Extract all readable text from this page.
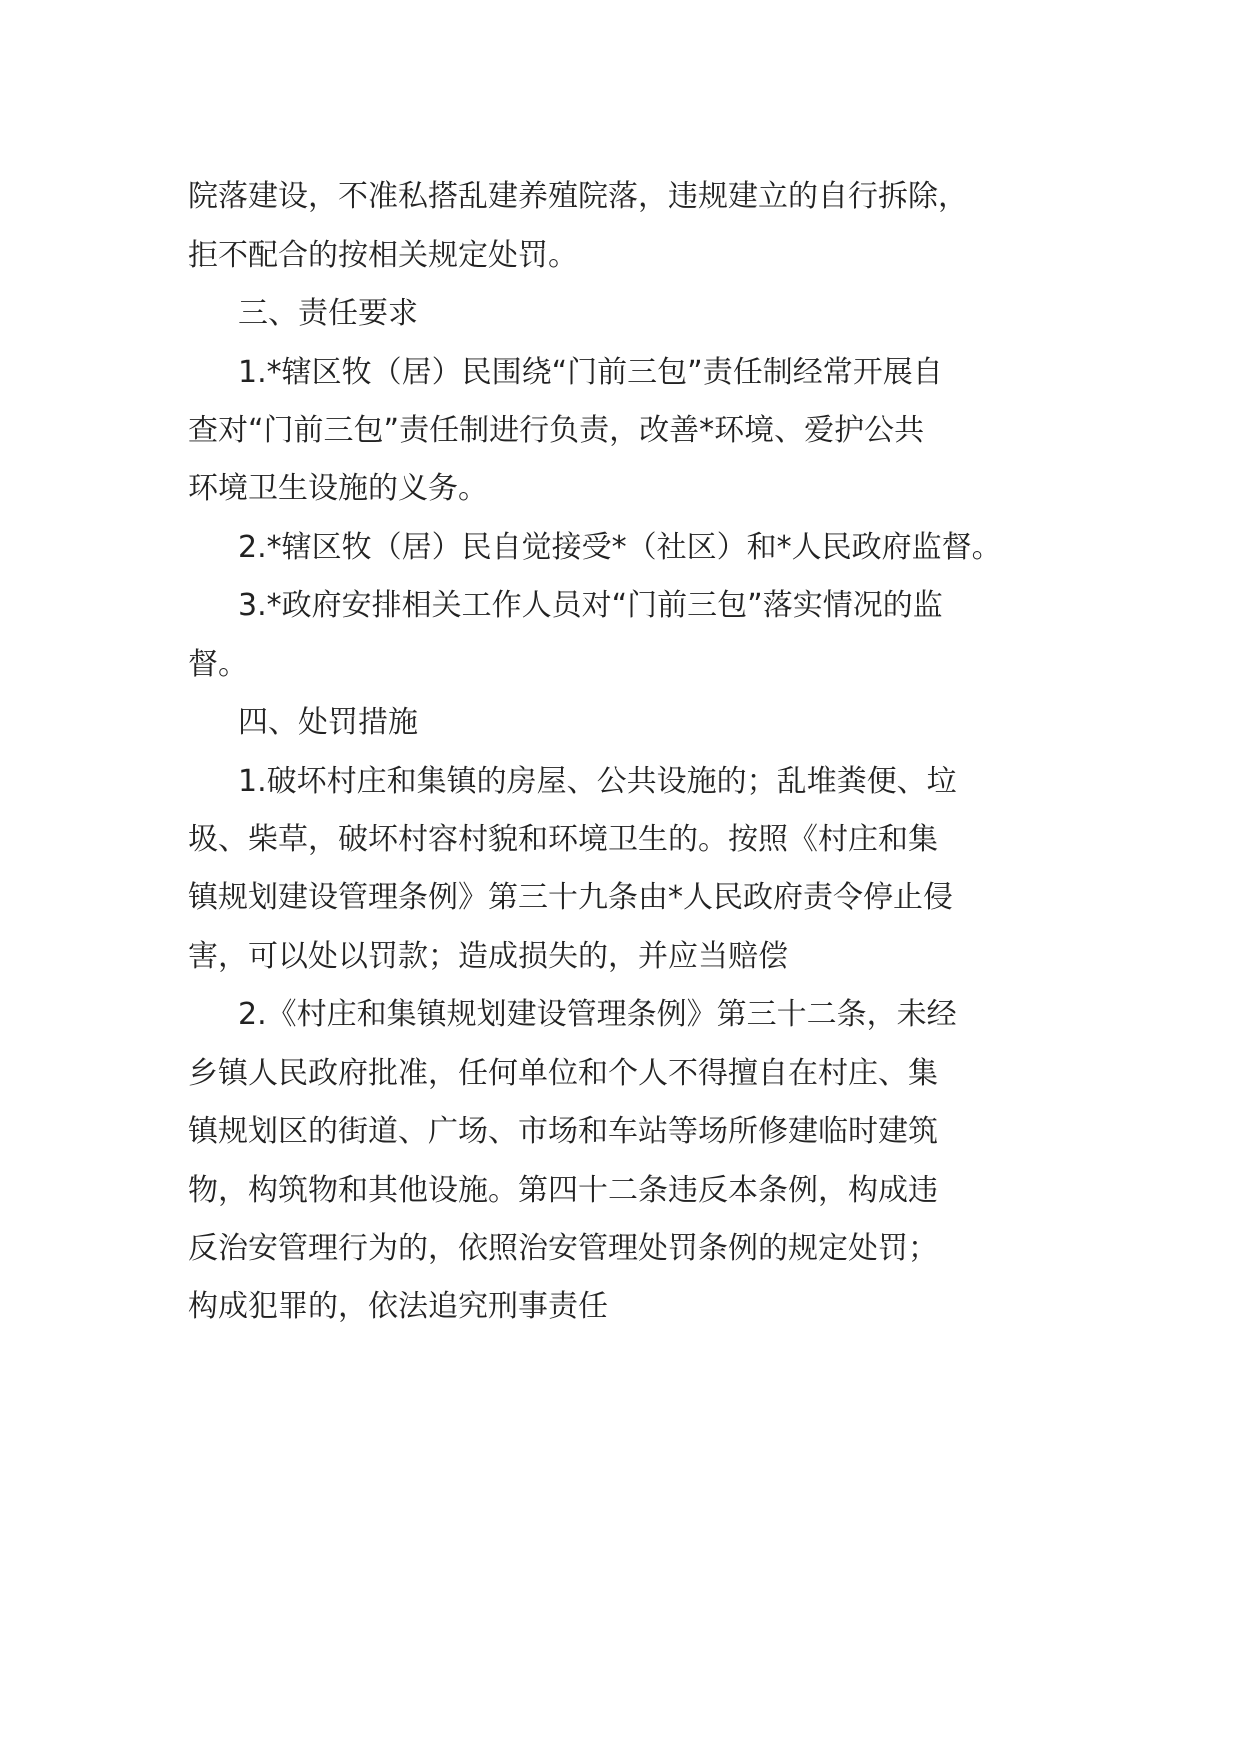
院落建设，不准私搭乱建养殖院落，违规建立的自行拆除，
拒不配合的按相关规定处罚。
三、责任要求
1.*辖区牧（居）民围绕“门前三包”责任制经常开展自
查对“门前三包”责任制进行负责，改善*环境、爱护公共
环境卫生设施的义务。
2.*辖区牧（居）民自觉接受*（社区）和*人民政府监督。
3.*政府安排相关工作人员对“门前三包”落实情况的监
督。
四、处罚措施
1.破坏村庄和集镇的房屋、公共设施的；乱堆粪便、垃
圾、柴草，破坏村容村貌和环境卫生的。按照《村庄和集
镇规划建设管理条例》第三十九条由*人民政府责令停止侵
害，可以处以罚款；造成损失的，并应当赔偿
2.《村庄和集镇规划建设管理条例》第三十二条，未经
乡镇人民政府批准，任何单位和个人不得擅自在村庄、集
镇规划区的街道、广场、市场和车站等场所修建临时建筑
物，构筑物和其他设施。第四十二条违反本条例，构成违
反治安管理行为的，依照治安管理处罚条例的规定处罚；
构成犯罪的，依法追究刑事责任
